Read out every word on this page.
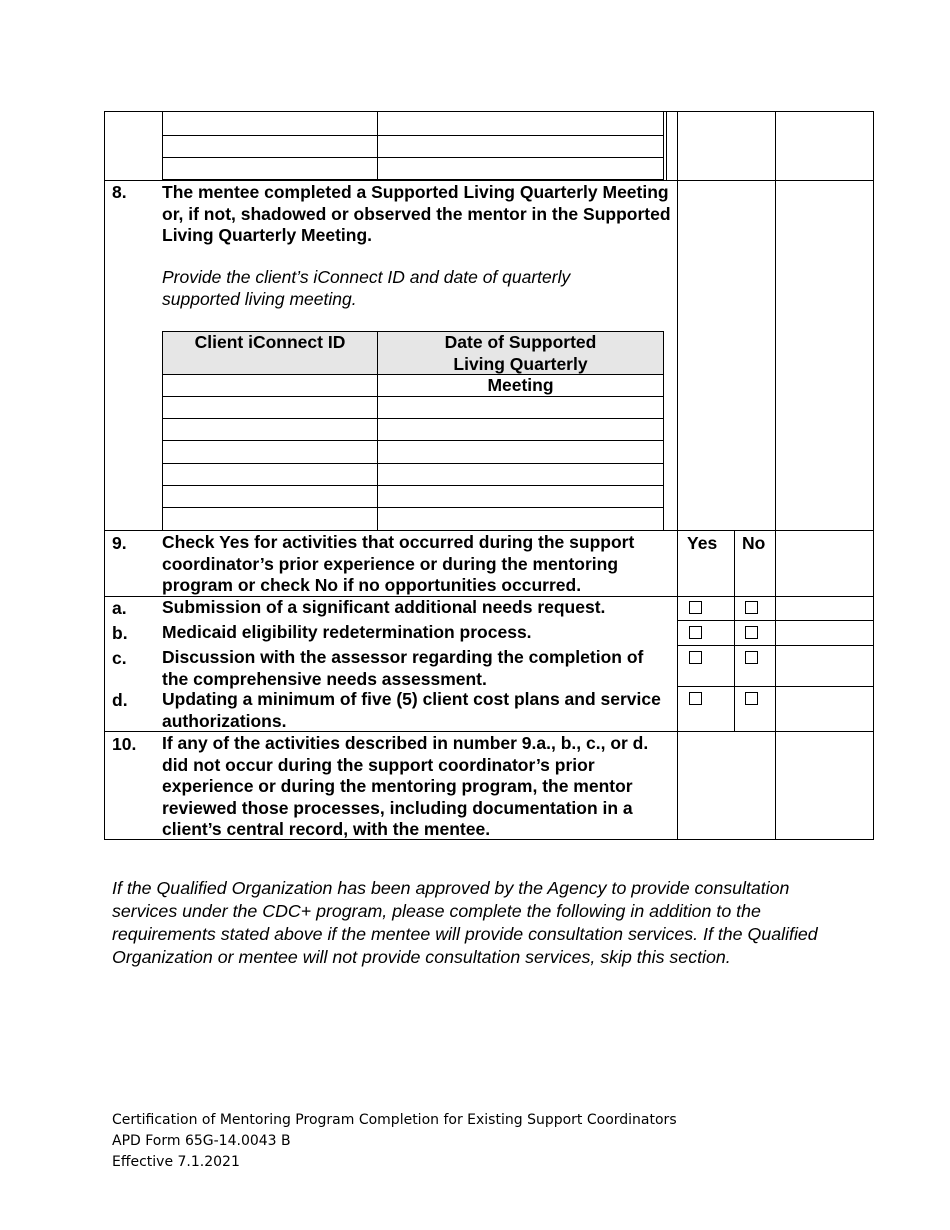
8. The mentee completed a Supported Living Quarterly Meeting or, if not, shadowed or observed the mentor in the Supported Living Quarterly Meeting.
Provide the client’s iConnect ID and date of quarterly supported living meeting.
Client iConnect ID	Date of Supported Living Quarterly Meeting
9. Check Yes for activities that occurred during the support coordinator’s prior experience or during the mentoring program or check No if no opportunities occurred.
Yes No
a. Submission of a significant additional needs request.
b. Medicaid eligibility redetermination process.
c. Discussion with the assessor regarding the completion of the comprehensive needs assessment.
d. Updating a minimum of five (5) client cost plans and service authorizations.
10. If any of the activities described in number 9.a., b., c., or d. did not occur during the support coordinator’s prior experience or during the mentoring program, the mentor reviewed those processes, including documentation in a client’s central record, with the mentee.
If the Qualified Organization has been approved by the Agency to provide consultation services under the CDC+ program, please complete the following in addition to the requirements stated above if the mentee will provide consultation services. If the Qualified Organization or mentee will not provide consultation services, skip this section.
Certification of Mentoring Program Completion for Existing Support Coordinators
APD Form 65G-14.0043 B
Effective 7.1.2021
